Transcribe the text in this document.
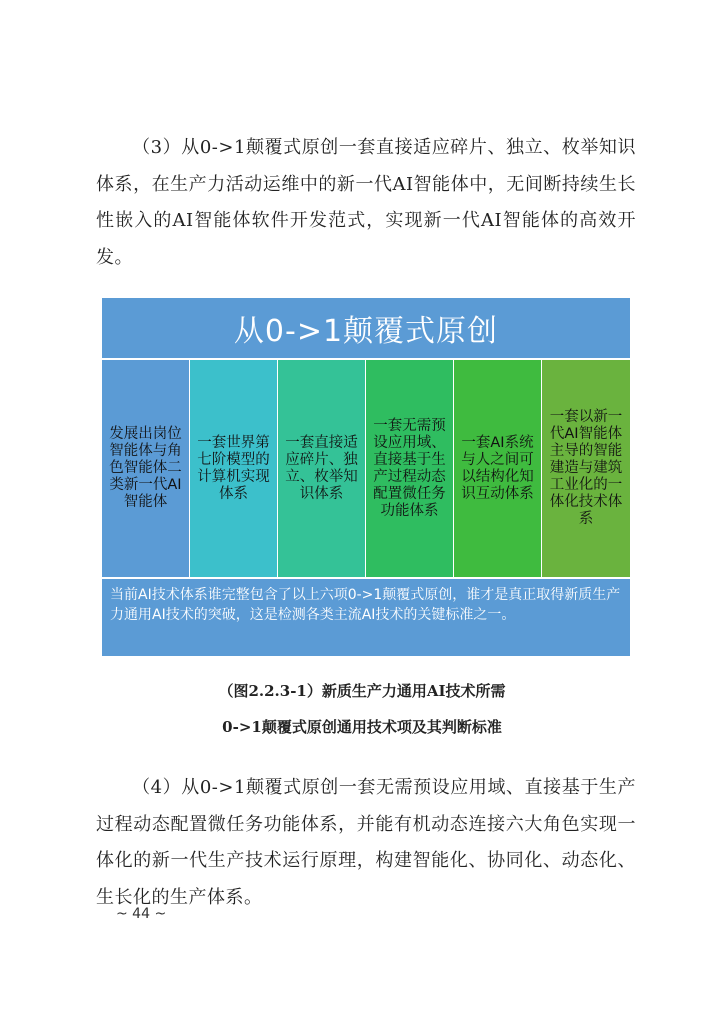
（3）从0->1颠覆式原创一套直接适应碎片、独立、枚举知识体系，在生产力活动运维中的新一代AI智能体中，无间断持续生长性嵌入的AI智能体软件开发范式，实现新一代AI智能体的高效开发。

从0->1颠覆式原创
发展出岗位智能体与角色智能体二类新一代AI智能体
一套世界第七阶模型的计算机实现体系
一套直接适应碎片、独立、枚举知识体系
一套无需预设应用域、直接基于生产过程动态配置微任务功能体系
一套AI系统与人之间可以结构化知识互动体系
一套以新一代AI智能体主导的智能建造与建筑工业化的一体化技术体系
当前AI技术体系谁完整包含了以上六项0->1颠覆式原创，谁才是真正取得新质生产力通用AI技术的突破，这是检测各类主流AI技术的关键标准之一。

（图2.2.3-1）新质生产力通用AI技术所需

0->1颠覆式原创通用技术项及其判断标准

（4）从0->1颠覆式原创一套无需预设应用域、直接基于生产过程动态配置微任务功能体系，并能有机动态连接六大角色实现一体化的新一代生产技术运行原理，构建智能化、协同化、动态化、生长化的生产体系。

~ 44 ~
